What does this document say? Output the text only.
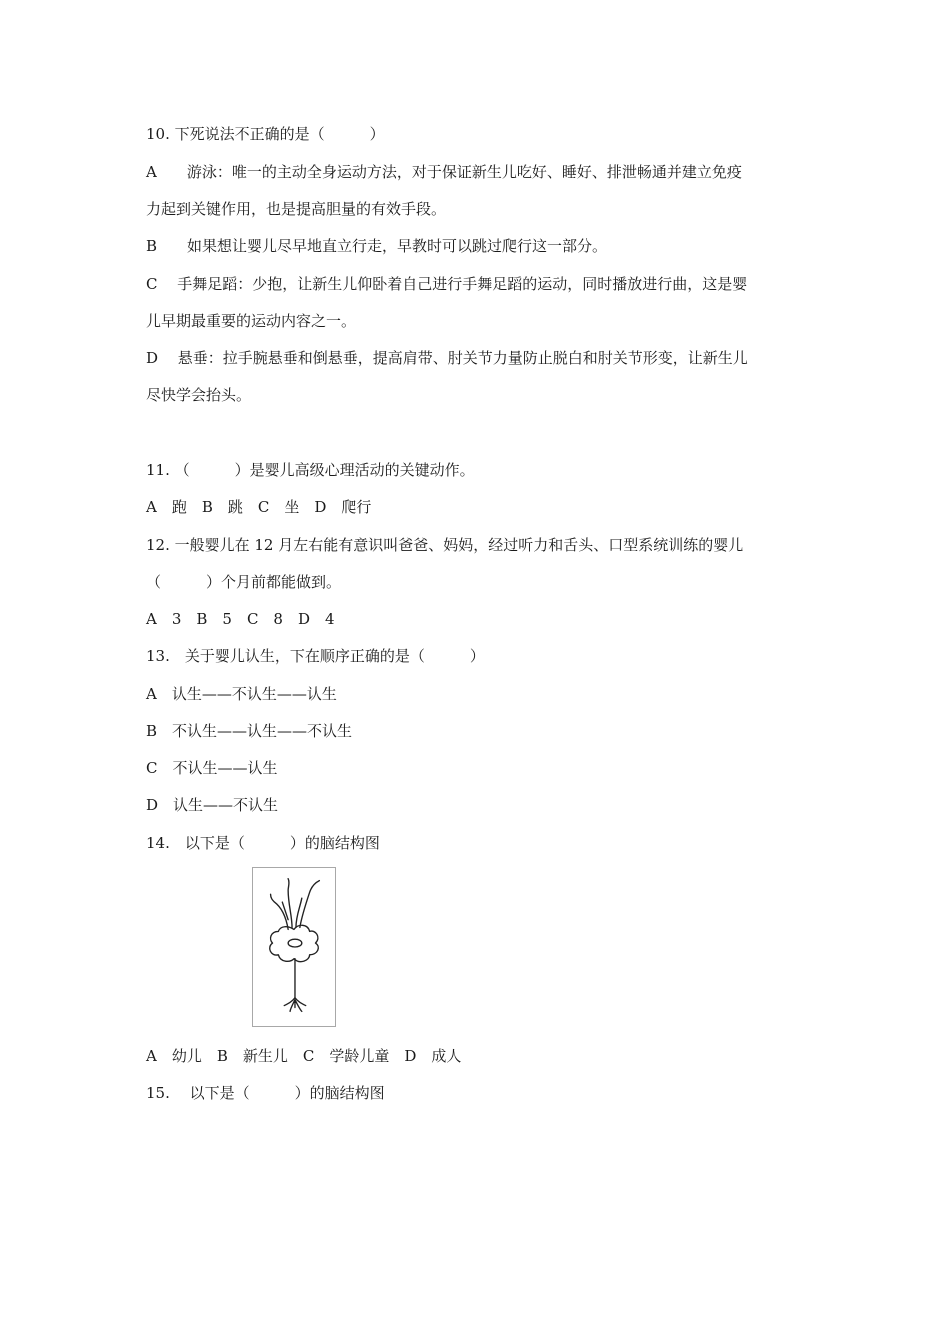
10. 下死说法不正确的是（　　　）
A　　游泳：唯一的主动全身运动方法，对于保证新生儿吃好、睡好、排泄畅通并建立免疫
力起到关键作用，也是提高胆量的有效手段。
B　　如果想让婴儿尽早地直立行走，早教时可以跳过爬行这一部分。
C　 手舞足蹈：少抱，让新生儿仰卧着自己进行手舞足蹈的运动，同时播放进行曲，这是婴
儿早期最重要的运动内容之一。
D　 悬垂：拉手腕悬垂和倒悬垂，提高肩带、肘关节力量防止脱白和肘关节形变，让新生儿
尽快学会抬头。
11. （　　　）是婴儿高级心理活动的关键动作。
A　跑　B　跳　C　坐　D　爬行
12. 一般婴儿在 12 月左右能有意识叫爸爸、妈妈，经过听力和舌头、口型系统训练的婴儿
（　　　）个月前都能做到。
A　3　B　5　C　8　D　4
13.　关于婴儿认生，下在顺序正确的是（　　　）
A　认生——不认生——认生
B　不认生——认生——不认生
C　不认生——认生
D　认生——不认生
14.　以下是（　　　）的脑结构图
A　幼儿　B　新生儿　C　学龄儿童　D　成人
15.　 以下是（　　　）的脑结构图
